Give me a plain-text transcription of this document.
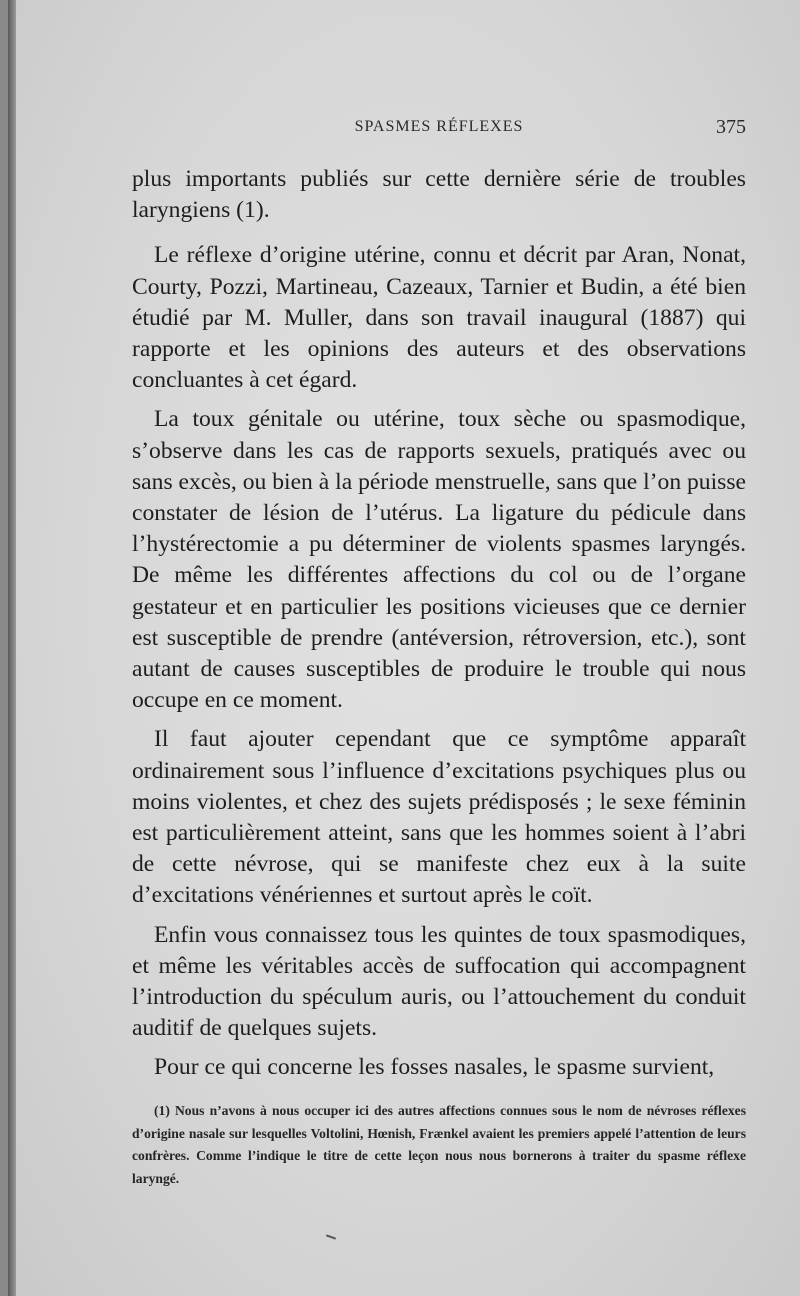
SPASMES RÉFLEXES	375

plus importants publiés sur cette dernière série de troubles laryngiens (1).

Le réflexe d’origine utérine, connu et décrit par Aran, Nonat, Courty, Pozzi, Martineau, Cazeaux, Tarnier et Budin, a été bien étudié par M. Muller, dans son travail inaugural (1887) qui rapporte et les opinions des auteurs et des observations concluantes à cet égard.

La toux génitale ou utérine, toux sèche ou spasmodique, s’observe dans les cas de rapports sexuels, pratiqués avec ou sans excès, ou bien à la période menstruelle, sans que l’on puisse constater de lésion de l’utérus. La ligature du pédicule dans l’hystérectomie a pu déterminer de violents spasmes laryngés. De même les différentes affections du col ou de l’organe gestateur et en particulier les positions vicieuses que ce dernier est susceptible de prendre (antéversion, rétroversion, etc.), sont autant de causes susceptibles de produire le trouble qui nous occupe en ce moment.

Il faut ajouter cependant que ce symptôme apparaît ordinairement sous l’influence d’excitations psychiques plus ou moins violentes, et chez des sujets prédisposés ; le sexe féminin est particulièrement atteint, sans que les hommes soient à l’abri de cette névrose, qui se manifeste chez eux à la suite d’excitations vénériennes et surtout après le coït.

Enfin vous connaissez tous les quintes de toux spasmodiques, et même les véritables accès de suffocation qui accompagnent l’introduction du spéculum auris, ou l’attouchement du conduit auditif de quelques sujets.

Pour ce qui concerne les fosses nasales, le spasme survient,

(1) Nous n’avons à nous occuper ici des autres affections connues sous le nom de névroses réflexes d’origine nasale sur lesquelles Voltolini, Hœnish, Frænkel avaient les premiers appelé l’attention de leurs confrères. Comme l’indique le titre de cette leçon nous nous bornerons à traiter du spasme réflexe laryngé.
